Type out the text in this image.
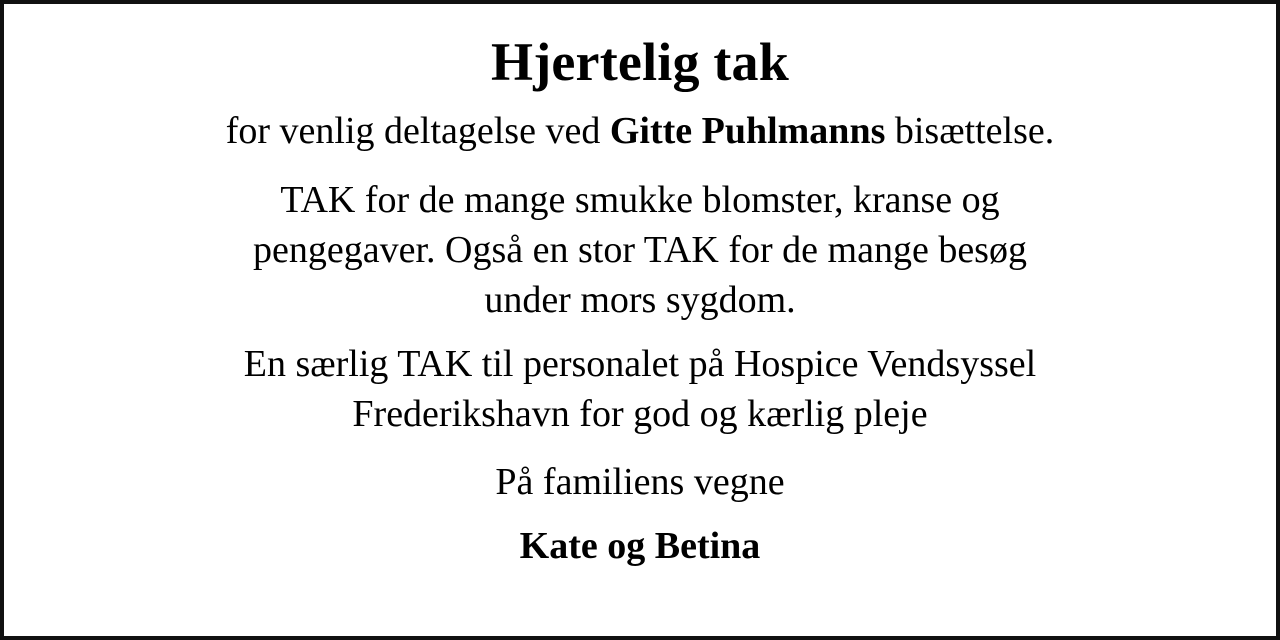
Hjertelig tak
for venlig deltagelse ved Gitte Puhlmanns bisættelse.
TAK for de mange smukke blomster, kranse og
pengegaver. Også en stor TAK for de mange besøg
under mors sygdom.
En særlig TAK til personalet på Hospice Vendsyssel
Frederikshavn for god og kærlig pleje
På familiens vegne
Kate og Betina
